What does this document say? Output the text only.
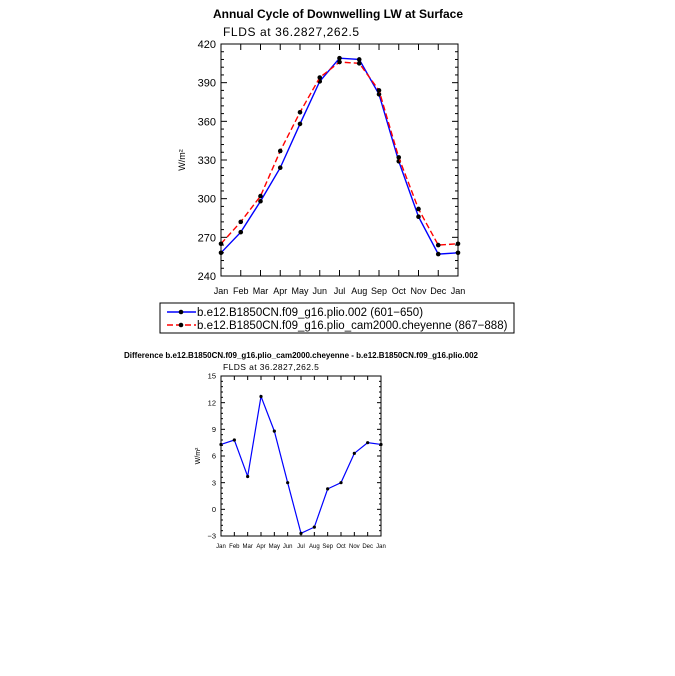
Annual Cycle of Downwelling LW at Surface
FLDS at 36.2827,262.5
240
270
300
330
360
390
420
Jan Feb Mar Apr May Jun Jul Aug Sep Oct Nov Dec Jan
W/m²
b.e12.B1850CN.f09_g16.plio.002 (601−650)
b.e12.B1850CN.f09_g16.plio_cam2000.cheyenne (867−888)
Difference b.e12.B1850CN.f09_g16.plio_cam2000.cheyenne - b.e12.B1850CN.f09_g16.plio.002
FLDS at 36.2827,262.5
−3
0
3
6
9
12
15
Jan Feb Mar Apr May Jun Jul Aug Sep Oct Nov Dec Jan
W/m²
